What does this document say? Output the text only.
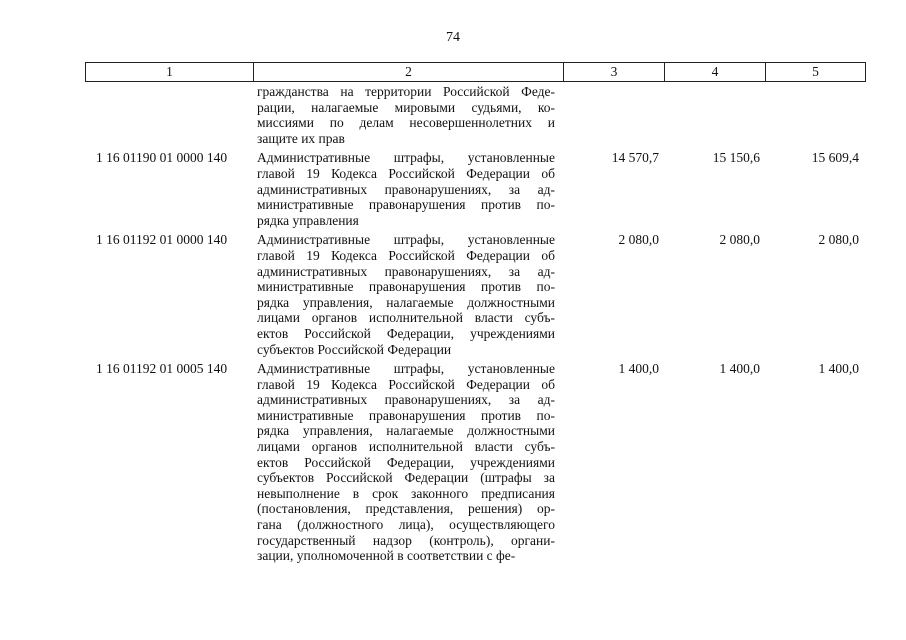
74
1	2	3	4	5
гражданства на территории Российской Феде-
рации, налагаемые мировыми судьями, ко-
миссиями по делам несовершеннолетних и
защите их прав
1 16 01190 01 0000 140	Административные штрафы, установленные
главой 19 Кодекса Российской Федерации об
административных правонарушениях, за ад-
министративные правонарушения против по-
рядка управления
14 570,7	15 150,6	15 609,4
1 16 01192 01 0000 140	Административные штрафы, установленные
главой 19 Кодекса Российской Федерации об
административных правонарушениях, за ад-
министративные правонарушения против по-
рядка управления, налагаемые должностными
лицами органов исполнительной власти субъ-
ектов Российской Федерации, учреждениями
субъектов Российской Федерации
2 080,0	2 080,0	2 080,0
1 16 01192 01 0005 140	Административные штрафы, установленные
главой 19 Кодекса Российской Федерации об
административных правонарушениях, за ад-
министративные правонарушения против по-
рядка управления, налагаемые должностными
лицами органов исполнительной власти субъ-
ектов Российской Федерации, учреждениями
субъектов Российской Федерации (штрафы за
невыполнение в срок законного предписания
(постановления, представления, решения) ор-
гана (должностного лица), осуществляющего
государственный надзор (контроль), органи-
зации, уполномоченной в соответствии с фе-
1 400,0	1 400,0	1 400,0
